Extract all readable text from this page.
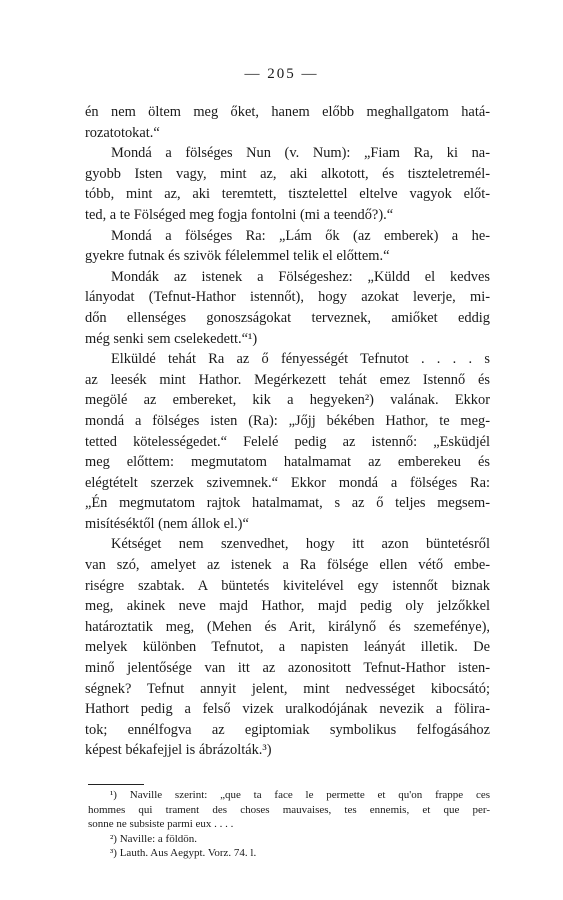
— 205 —
én nem öltem meg őket, hanem előbb meghallgatom hatá-
rozatotokat.“
Mondá a fölséges Nun (v. Num): „Fiam Ra, ki na-
gyobb Isten vagy, mint az, aki alkotott, és tiszteletremél-
tóbb, mint az, aki teremtett, tisztelettel eltelve vagyok előt-
ted, a te Fölséged meg fogja fontolni (mi a teendő?).“
Mondá a fölséges Ra: „Lám ők (az emberek) a he-
gyekre futnak és szivök félelemmel telik el előttem.“
Mondák az istenek a Fölségeshez: „Küldd el kedves
lányodat (Tefnut-Hathor istennőt), hogy azokat leverje, mi-
dőn ellenséges gonoszságokat terveznek, amiőket eddig
még senki sem cselekedett.“¹)
Elküldé tehát Ra az ő fényességét Tefnutot . . . . s
az leesék mint Hathor. Megérkezett tehát emez Istennő és
megölé az embereket, kik a hegyeken²) valának. Ekkor
mondá a fölséges isten (Ra): „Jőjj békében Hathor, te meg-
tetted kötelességedet.“ Felelé pedig az istennő: „Esküdjél
meg előttem: megmutatom hatalmamat az emberekeu és
elégtételt szerzek szivemnek.“ Ekkor mondá a fölséges Ra:
„Én megmutatom rajtok hatalmamat, s az ő teljes megsem-
misítéséktől (nem állok el.)“
Kétséget nem szenvedhet, hogy itt azon büntetésről
van szó, amelyet az istenek a Ra fölsége ellen vétő embe-
riségre szabtak. A büntetés kivitelével egy istennőt biznak
meg, akinek neve majd Hathor, majd pedig oly jelzőkkel
határoztatik meg, (Mehen és Arit, királynő és szemefénye),
melyek különben Tefnutot, a napisten leányát illetik. De
minő jelentősége van itt az azonositott Tefnut-Hathor isten-
ségnek? Tefnut annyit jelent, mint nedvességet kibocsátó;
Hathort pedig a felső vizek uralkodójának nevezik a fölira-
tok; ennélfogva az egiptomiak symbolikus felfogásához
képest békafejjel is ábrázolták.³)
¹) Naville szerint: „que ta face le permette et qu'on frappe ces
hommes qui trament des choses mauvaises, tes ennemis, et que per-
sonne ne subsiste parmi eux . . . .
²) Naville: a földön.
³) Lauth. Aus Aegypt. Vorz. 74. l.
